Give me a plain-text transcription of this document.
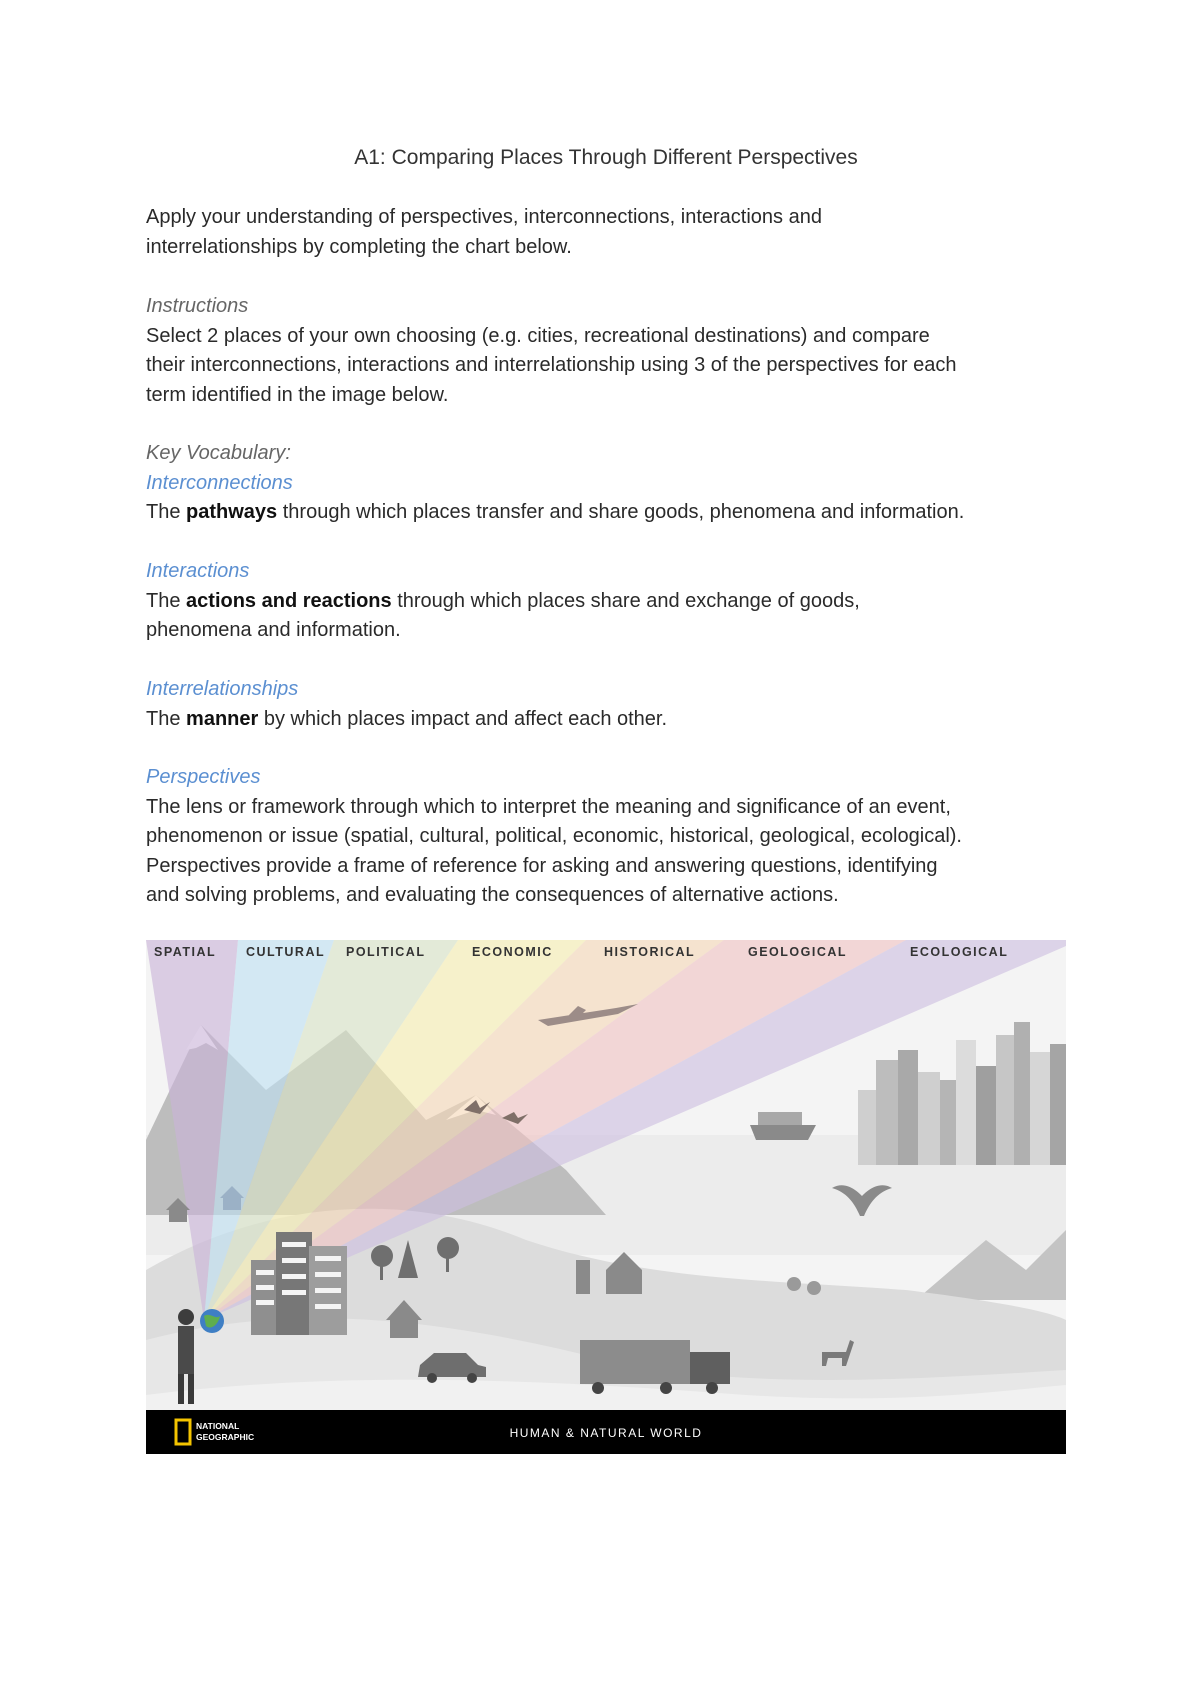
A1: Comparing Places Through Different Perspectives
Apply your understanding of perspectives, interconnections, interactions and
interrelationships by completing the chart below.
Instructions
Select 2 places of your own choosing (e.g. cities, recreational destinations) and compare
their interconnections, interactions and interrelationship using 3 of the perspectives for each
term identified in the image below.
Key Vocabulary:
Interconnections
The pathways through which places transfer and share goods, phenomena and information.
Interactions
The actions and reactions through which places share and exchange of goods,
phenomena and information.
Interrelationships
The manner by which places impact and affect each other.
Perspectives
The lens or framework through which to interpret the meaning and significance of an event,
phenomenon or issue (spatial, cultural, political, economic, historical, geological, ecological).
Perspectives provide a frame of reference for asking and answering questions, identifying
and solving problems, and evaluating the consequences of alternative actions.
SPATIAL CULTURAL POLITICAL	ECONOMIC	HISTORICAL	GEOLOGICAL	ECOLOGICAL
NATIONAL
GEOGRAPHIC	HUMAN & NATURAL WORLD
